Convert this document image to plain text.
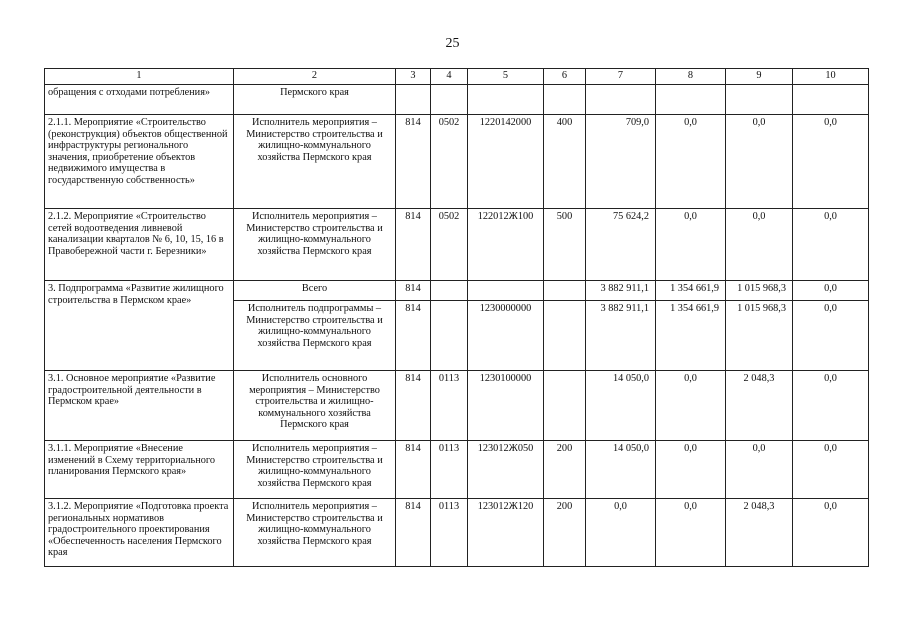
25
1	2	3	4	5	6	7	8	9	10
обращения с отходами потребления»	Пермского края								
2.1.1. Мероприятие «Строительство (реконструкция) объектов общественной инфраструктуры регионального значения, приобретение объектов недвижимого имущества в государственную собственность»	Исполнитель мероприятия – Министерство строительства и жилищно-коммунального хозяйства Пермского края	814	0502	1220142000	400	709,0	0,0	0,0	0,0
2.1.2. Мероприятие «Строительство сетей водоотведения ливневой канализации кварталов № 6, 10, 15, 16 в Правобережной части г. Березники»	Исполнитель мероприятия – Министерство строительства и жилищно-коммунального хозяйства Пермского края	814	0502	122012Ж100	500	75 624,2	0,0	0,0	0,0
3. Подпрограмма «Развитие жилищного строительства в Пермском крае»	Всего	814				3 882 911,1	1 354 661,9	1 015 968,3	0,0
	Исполнитель подпрограммы – Министерство строительства и жилищно-коммунального хозяйства Пермского края	814		1230000000		3 882 911,1	1 354 661,9	1 015 968,3	0,0
3.1. Основное мероприятие «Развитие градостроительной деятельности в Пермском крае»	Исполнитель основного мероприятия – Министерство строительства и жилищно-коммунального хозяйства Пермского края	814	0113	1230100000		14 050,0	0,0	2 048,3	0,0
3.1.1. Мероприятие «Внесение изменений в Схему территориального планирования Пермского края»	Исполнитель мероприятия – Министерство строительства и жилищно-коммунального хозяйства Пермского края	814	0113	123012Ж050	200	14 050,0	0,0	0,0	0,0
3.1.2. Мероприятие «Подготовка проекта региональных нормативов градостроительного проектирования «Обеспеченность населения Пермского края	Исполнитель мероприятия – Министерство строительства и жилищно-коммунального хозяйства Пермского края	814	0113	123012Ж120	200	0,0	0,0	2 048,3	0,0
